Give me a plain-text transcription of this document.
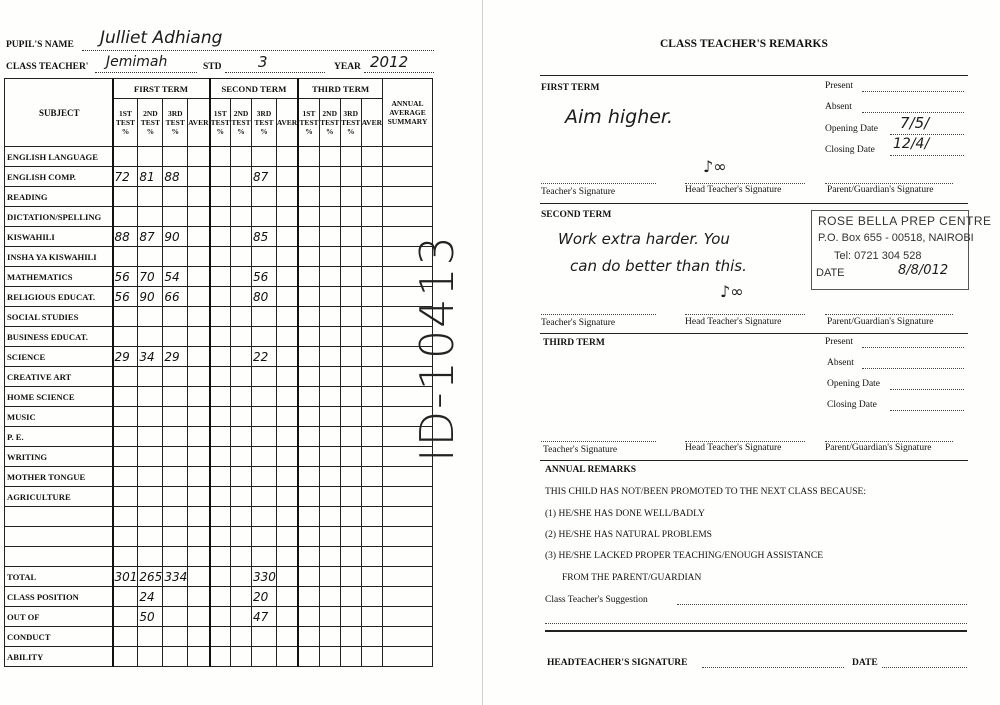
PUPIL'S NAME Julliet Adhiang
CLASS TEACHER' Jemimah	STD 3	YEAR 2012
SUBJECT	FIRST TERM				SECOND TERM				THIRD TERM				ANNUAL AVERAGE SUMMARY
	1ST TEST %	2ND TEST %	3RD TEST %	AVER	1ST TEST %	2ND TEST %	3RD TEST %	AVER	1ST TEST %	2ND TEST %	3RD TEST %	AVER	
ENGLISH LANGUAGE													
ENGLISH COMP.	72	81	88				87						
READING													
DICTATION/SPELLING													
KISWAHILI	88	87	90				85						
INSHA YA KISWAHILI													
MATHEMATICS	56	70	54				56						
RELIGIOUS EDUCAT.	56	90	66				80						
SOCIAL STUDIES													
BUSINESS EDUCAT.													
SCIENCE	29	34	29				22						
CREATIVE ART													
HOME SCIENCE													
MUSIC													
P. E.													
WRITING													
MOTHER TONGUE													
AGRICULTURE													

TOTAL	301	265	334				330						
CLASS POSITION		24					20						
OUT OF		50					47						
CONDUCT													
ABILITY													
ID-10413
CLASS TEACHER'S REMARKS
FIRST TERM	Present
Absent
Opening Date 7/5/
Closing Date 12/4/
Aim higher.
♪∞
Teacher's Signature	Head Teacher's Signature	Parent/Guardian's Signature
SECOND TERM
Work extra harder. You
can do better than this.
ROSE BELLA PREP CENTRE
P.O. Box 655 - 00518, NAIROBI
Tel: 0721 304 528
DATE	8/8/012
♪∞
Teacher's Signature	Head Teacher's Signature	Parent/Guardian's Signature
THIRD TERM	Present
Absent
Opening Date
Closing Date
Teacher's Signature	Head Teacher's Signature	Parent/Guardian's Signature
ANNUAL REMARKS
THIS CHILD HAS NOT/BEEN PROMOTED TO THE NEXT CLASS BECAUSE:
(1) HE/SHE HAS DONE WELL/BADLY
(2) HE/SHE HAS NATURAL PROBLEMS
(3) HE/SHE LACKED PROPER TEACHING/ENOUGH ASSISTANCE
FROM THE PARENT/GUARDIAN
Class Teacher's Suggestion
HEADTEACHER'S SIGNATURE	DATE
